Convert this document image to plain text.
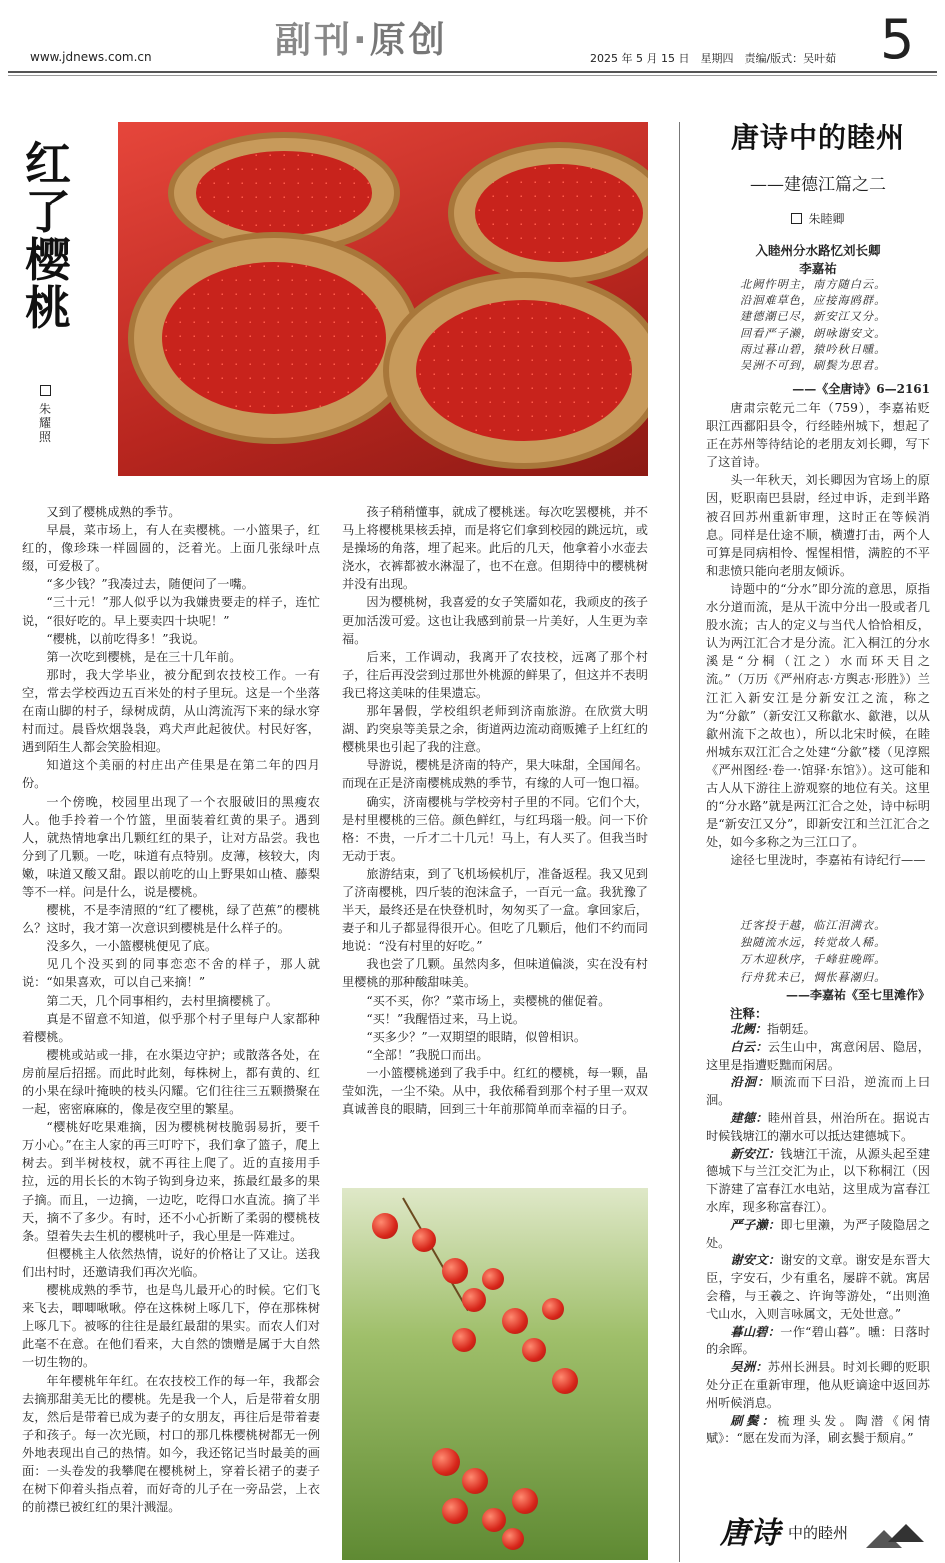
www.jdnews.com.cn	副刊·原创	2025 年 5 月 15 日　星期四　责编/版式：吴叶茹 5
红了樱桃
朱耀照

又到了樱桃成熟的季节。

早晨，菜市场上，有人在卖樱桃。一小篮果子，红红的，像珍珠一样圆圆的，泛着光。上面几张绿叶点缀，可爱极了。

“多少钱？”我凑过去，随便问了一嘴。

“三十元！”那人似乎以为我嫌贵要走的样子，连忙说，“很好吃的。早上要卖四十块呢！”

“樱桃，以前吃得多！”我说。

第一次吃到樱桃，是在三十几年前。

那时，我大学毕业，被分配到农技校工作。一有空，常去学校西边五百米处的村子里玩。这是一个坐落在南山脚的村子，绿树成荫，从山湾流泻下来的绿水穿村而过。晨昏炊烟袅袅，鸡犬声此起彼伏。村民好客，遇到陌生人都会笑脸相迎。

知道这个美丽的村庄出产佳果是在第二年的四月份。

一个傍晚，校园里出现了一个衣服破旧的黑瘦农人。他手拎着一个竹篮，里面装着红黄的果子。遇到人，就热情地拿出几颗红红的果子，让对方品尝。我也分到了几颗。一吃，味道有点特别。皮薄，核较大，肉嫩，味道又酸又甜。跟以前吃的山上野果如山楂、藤梨等不一样。问是什么，说是樱桃。

樱桃，不是李清照的“红了樱桃，绿了芭蕉”的樱桃么？这时，我才第一次意识到樱桃是什么样子的。

没多久，一小篮樱桃便见了底。

见几个没买到的同事恋恋不舍的样子，那人就说：“如果喜欢，可以自己来摘！”

第二天，几个同事相约，去村里摘樱桃了。

真是不留意不知道，似乎那个村子里每户人家都种着樱桃。

樱桃或站或一排，在水渠边守护；或散落各处，在房前屋后招摇。而此时此刻，每株树上，都有黄的、红的小果在绿叶掩映的枝头闪耀。它们往往三五颗攒聚在一起，密密麻麻的，像是夜空里的繁星。

“樱桃好吃果难摘，因为樱桃树枝脆弱易折，要千万小心。”在主人家的再三叮咛下，我们拿了篮子，爬上树去。到半树枝杈，就不再往上爬了。近的直接用手拉，远的用长长的木钩子钩到身边来，拣最红最多的果子摘。而且，一边摘，一边吃，吃得口水直流。摘了半天，摘不了多少。有时，还不小心折断了柔弱的樱桃枝条。望着失去生机的樱桃叶子，我心里是一阵难过。

但樱桃主人依然热情，说好的价格让了又让。送我们出村时，还邀请我们再次光临。

樱桃成熟的季节，也是鸟儿最开心的时候。它们飞来飞去，唧唧啾啾。停在这株树上啄几下，停在那株树上啄几下。被啄的往往是最红最甜的果实。而农人们对此毫不在意。在他们看来，大自然的馈赠是属于大自然一切生物的。

年年樱桃年年红。在农技校工作的每一年，我都会去摘那甜美无比的樱桃。先是我一个人，后是带着女朋友，然后是带着已成为妻子的女朋友，再往后是带着妻子和孩子。每一次光顾，村口的那几株樱桃树都无一例外地表现出自己的热情。如今，我还铭记当时最美的画面：一头卷发的我攀爬在樱桃树上，穿着长裙子的妻子在树下仰着头指点着，而好奇的儿子在一旁品尝，上衣的前襟已被红红的果汁溅湿。

孩子稍稍懂事，就成了樱桃迷。每次吃罢樱桃，并不马上将樱桃果核丢掉，而是将它们拿到校园的跳远坑，或是操场的角落，埋了起来。此后的几天，他拿着小水壶去浇水，衣裤都被水淋湿了，也不在意。但期待中的樱桃树并没有出现。

因为樱桃树，我喜爱的女子笑靥如花，我顽皮的孩子更加活泼可爱。这也让我感到前景一片美好，人生更为幸福。

后来，工作调动，我离开了农技校，远离了那个村子，往后再没尝到过那世外桃源的鲜果了，但这并不表明我已将这美味的佳果遗忘。

那年暑假，学校组织老师到济南旅游。在欣赏大明湖、趵突泉等美景之余，街道两边流动商贩摊子上红红的樱桃果也引起了我的注意。

导游说，樱桃是济南的特产，果大味甜，全国闻名。而现在正是济南樱桃成熟的季节，有缘的人可一饱口福。

确实，济南樱桃与学校旁村子里的不同。它们个大，是村里樱桃的三倍。颜色鲜红，与红玛瑙一般。问一下价格：不贵，一斤才二十几元！马上，有人买了。但我当时无动于衷。

旅游结束，到了飞机场候机厅，准备返程。我又见到了济南樱桃，四斤装的泡沫盒子，一百元一盒。我犹豫了半天，最终还是在快登机时，匆匆买了一盒。拿回家后，妻子和儿子都显得很开心。但吃了几颗后，他们不约而同地说：“没有村里的好吃。”

我也尝了几颗。虽然肉多，但味道偏淡，实在没有村里樱桃的那种酸甜味美。

“买不买，你？”菜市场上，卖樱桃的催促着。

“买！”我醒悟过来，马上说。

“买多少？”一双期望的眼睛，似曾相识。

“全部！”我脱口而出。

一小篮樱桃递到了我手中。红红的樱桃，每一颗，晶莹如洗，一尘不染。从中，我依稀看到那个村子里一双双真诚善良的眼睛，回到三十年前那简单而幸福的日子。

唐诗中的睦州
——建德江篇之二
朱睦卿
入睦州分水路忆刘长卿
李嘉祐
北阙忤明主，南方随白云。
沿洄难草色，应接海鸥群。
建德潮已尽，新安江又分。
回看严子濑，朗咏谢安文。
雨过暮山碧，猿吟秋日曛。
吴洲不可到，刷鬓为思君。
——《全唐诗》6—2161

唐肃宗乾元二年（759），李嘉祐贬职江西鄱阳县令，行经睦州城下，想起了正在苏州等待结论的老朋友刘长卿，写下了这首诗。

头一年秋天，刘长卿因为官场上的原因，贬职南巴县尉，经过申诉，走到半路被召回苏州重新审理，这时正在等候消息。同样是仕途不顺，横遭打击，两个人可算是同病相怜、惺惺相惜，满腔的不平和悲愤只能向老朋友倾诉。

诗题中的“分水”即分流的意思，原指水分道而流，是从干流中分出一股或者几股水流；古人的定义与当代人恰恰相反，认为两江汇合才是分流。汇入桐江的分水溪是“分桐（江之）水而环天目之流。”（万历《严州府志·方舆志·形胜》）兰江汇入新安江是分新安江之流，称之为“分歙”（新安江又称歙水、歙港，以从歙州流下之故也），所以北宋时候，在睦州城东双江汇合之处建“分歙”楼（见淳熙《严州图经·卷一·馆驿·东馆》）。这可能和古人从下游往上游观察的地位有关。这里的“分水路”就是两江汇合之处，诗中标明是“新安江又分”，即新安江和兰江汇合之处，如今多称之为三江口了。

途径七里泷时，李嘉祐有诗纪行——

迁客投于越，临江泪满衣。
独随流水远，转觉故人稀。
万木迎秋序，千峰驻晚晖。
行舟犹未已，惆怅暮潮归。
——李嘉祐《至七里滩作》
注释：

北阙：指朝廷。

白云：云生山中，寓意闲居、隐居，这里是指遭贬黜而闲居。

沿洄：顺流而下曰沿，逆流而上曰洄。

建德：睦州首县，州治所在。据说古时候钱塘江的潮水可以抵达建德城下。

新安江：钱塘江干流，从源头起至建德城下与兰江交汇为止，以下称桐江（因下游建了富春江水电站，这里成为富春江水库，现多称富春江）。

严子濑：即七里濑，为严子陵隐居之处。

谢安文：谢安的文章。谢安是东晋大臣，字安石，少有重名，屡辟不就。寓居会稽，与王羲之、许询等游处，“出则渔弋山水，入则言咏属文，无处世意。”

暮山碧：一作“碧山暮”。曛：日落时的余晖。

吴洲：苏州长洲县。时刘长卿的贬职处分正在重新审理，他从贬谪途中返回苏州听候消息。

刷鬓：梳理头发。陶潜《闲情赋》：“愿在发而为泽，刷玄鬓于颓肩。”

唐诗 中的睦州
